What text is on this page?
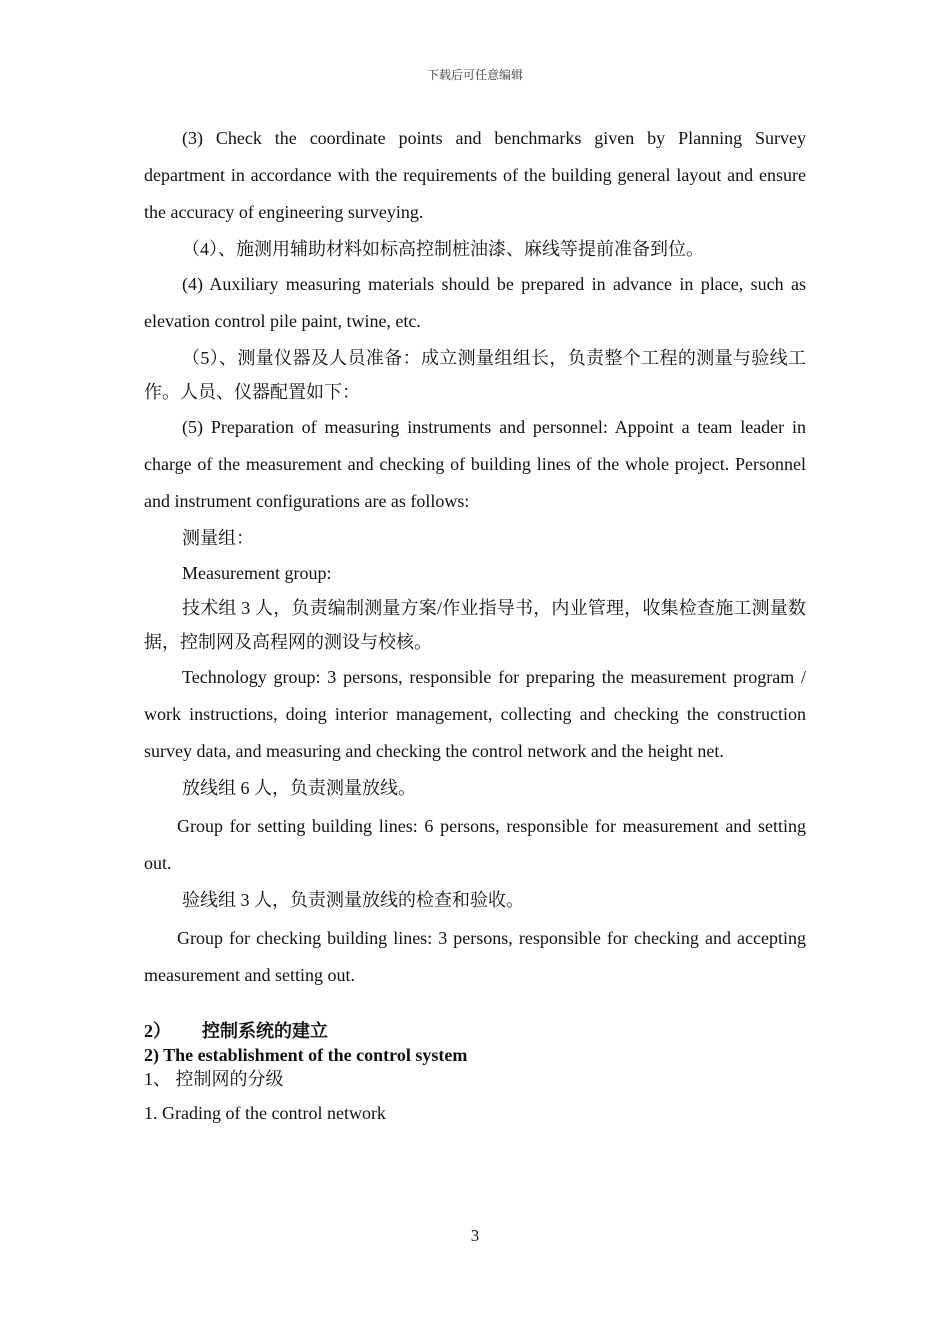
下载后可任意编辑

(3) Check the coordinate points and benchmarks given by Planning Survey department in accordance with the requirements of the building general layout and ensure the accuracy of engineering surveying.

（4）、施测用辅助材料如标高控制桩油漆、麻线等提前准备到位。

(4) Auxiliary measuring materials should be prepared in advance in place, such as elevation control pile paint, twine, etc.

（5）、测量仪器及人员准备：成立测量组组长，负责整个工程的测量与验线工作。人员、仪器配置如下：

(5) Preparation of measuring instruments and personnel: Appoint a team leader in charge of the measurement and checking of building lines of the whole project. Personnel and instrument configurations are as follows:

测量组：

Measurement group:

技术组 3 人，负责编制测量方案/作业指导书，内业管理，收集检查施工测量数据，控制网及高程网的测设与校核。

Technology group: 3 persons, responsible for preparing the measurement program / work instructions, doing interior management, collecting and checking the construction survey data, and measuring and checking the control network and the height net.

放线组 6 人，负责测量放线。

Group for setting building lines: 6 persons, responsible for measurement and setting out.

验线组 3 人，负责测量放线的检查和验收。

Group for checking building lines: 3 persons, responsible for checking and accepting measurement and setting out.

2） 控制系统的建立

2) The establishment of the control system

1、 控制网的分级

1. Grading of the control network

3
